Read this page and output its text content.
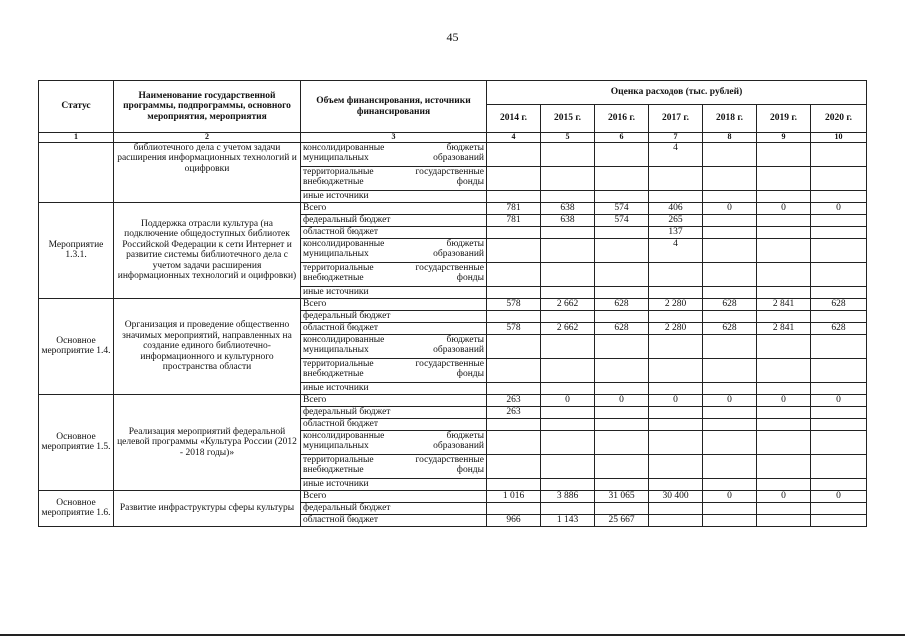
45
Статус	Наименование государственной программы, подпрограммы, основного мероприятия, мероприятия	Объем финансирования, источники финансирования	Оценка расходов (тыс. рублей)						
			2014 г.	2015 г.	2016 г.	2017 г.	2018 г.	2019 г.	2020 г.
1	2	3	4	5	6	7	8	9	10
	библиотечного дела с учетом задачи расширения информационных технологий и оцифровки	консолидированные бюджеты муниципальных образований				4			
		территориальные государственные внебюджетные фонды							
		иные источники							
Мероприятие 1.3.1.	Поддержка отрасли культура (на подключение общедоступных библиотек Российской Федерации к сети Интернет и развитие системы библиотечного дела с учетом задачи расширения информационных технологий и оцифровки)	Всего	781	638	574	406	0	0	0
		федеральный бюджет	781	638	574	265			
		областной бюджет				137			
		консолидированные бюджеты муниципальных образований				4			
		территориальные государственные внебюджетные фонды							
		иные источники							
Основное мероприятие 1.4.	Организация и проведение общественно значимых мероприятий, направленных на создание единого библиотечно-информационного и культурного пространства области	Всего	578	2 662	628	2 280	628	2 841	628
		федеральный бюджет							
		областной бюджет	578	2 662	628	2 280	628	2 841	628
		консолидированные бюджеты муниципальных образований							
		территориальные государственные внебюджетные фонды							
		иные источники							
Основное мероприятие 1.5.	Реализация мероприятий федеральной целевой программы «Культура России (2012 - 2018 годы)»	Всего	263	0	0	0	0	0	0
		федеральный бюджет	263						
		областной бюджет							
		консолидированные бюджеты муниципальных образований							
		территориальные государственные внебюджетные фонды							
		иные источники							
Основное мероприятие 1.6.	Развитие инфраструктуры сферы культуры	Всего	1 016	3 886	31 065	30 400	0	0	0
		федеральный бюджет							
		областной бюджет	966	1 143	25 667				
